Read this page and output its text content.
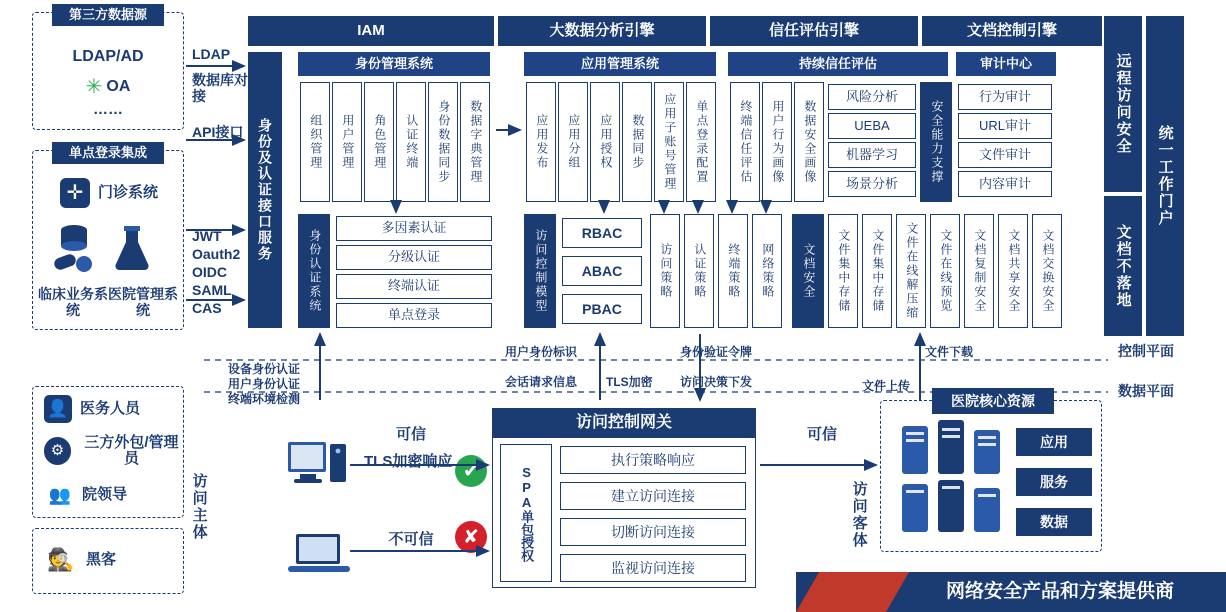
IAM	大数据分析引擎	信任评估引擎	文档控制引擎
远程访问安全
统一工作门户
文档不落地
第三方数据源
LDAP/AD
✳ OA
……
单点登录集成
✛ 门诊系统
临床业务系统
医院管理系统
LDAP
数据库对接
API接口
JWT
Oauth2
OIDC
SAML
CAS
身份及认证接口服务
身份管理系统
组织管理 用户管理 角色管理 认证终端 身份数据同步 数据字典管理
应用管理系统
应用发布 应用分组 应用授权 数据同步 应用子账号管理 单点登录配置
持续信任评估
终端信任评估 用户行为画像 数据安全画像
风险分析
UEBA
机器学习
场景分析
审计中心
行为审计
URL审计
文件审计
内容审计
安全能力支撑
身份认证系统
多因素认证
分级认证
终端认证
单点登录
访问控制模型 RBAC
ABAC
PBAC
访问策略 认证策略 终端策略 网络策略 文档安全 文件集中存储 文件集中存储 文件在线解压缩 文件在线预览 文档复制安全 文档共享安全 文档交换安全
控制平面
数据平面
用户身份标识
会话请求信息
身份验证令牌
访问决策下发
TLS加密
文件下载
文件上传
设备身份认证
用户身份认证
终端环境检测
👤 医务人员
⚙
三方外包/管理员
👥 院领导
🕵 黑客
访问主体
可信
TLS加密响应
不可信
✔
✘
访问控制网关
SPA单包授权
执行策略响应
建立访问连接
切断访问连接
监视访问连接
可信
访问客体
医院核心资源
应用
服务
数据
网络安全产品和方案提供商
